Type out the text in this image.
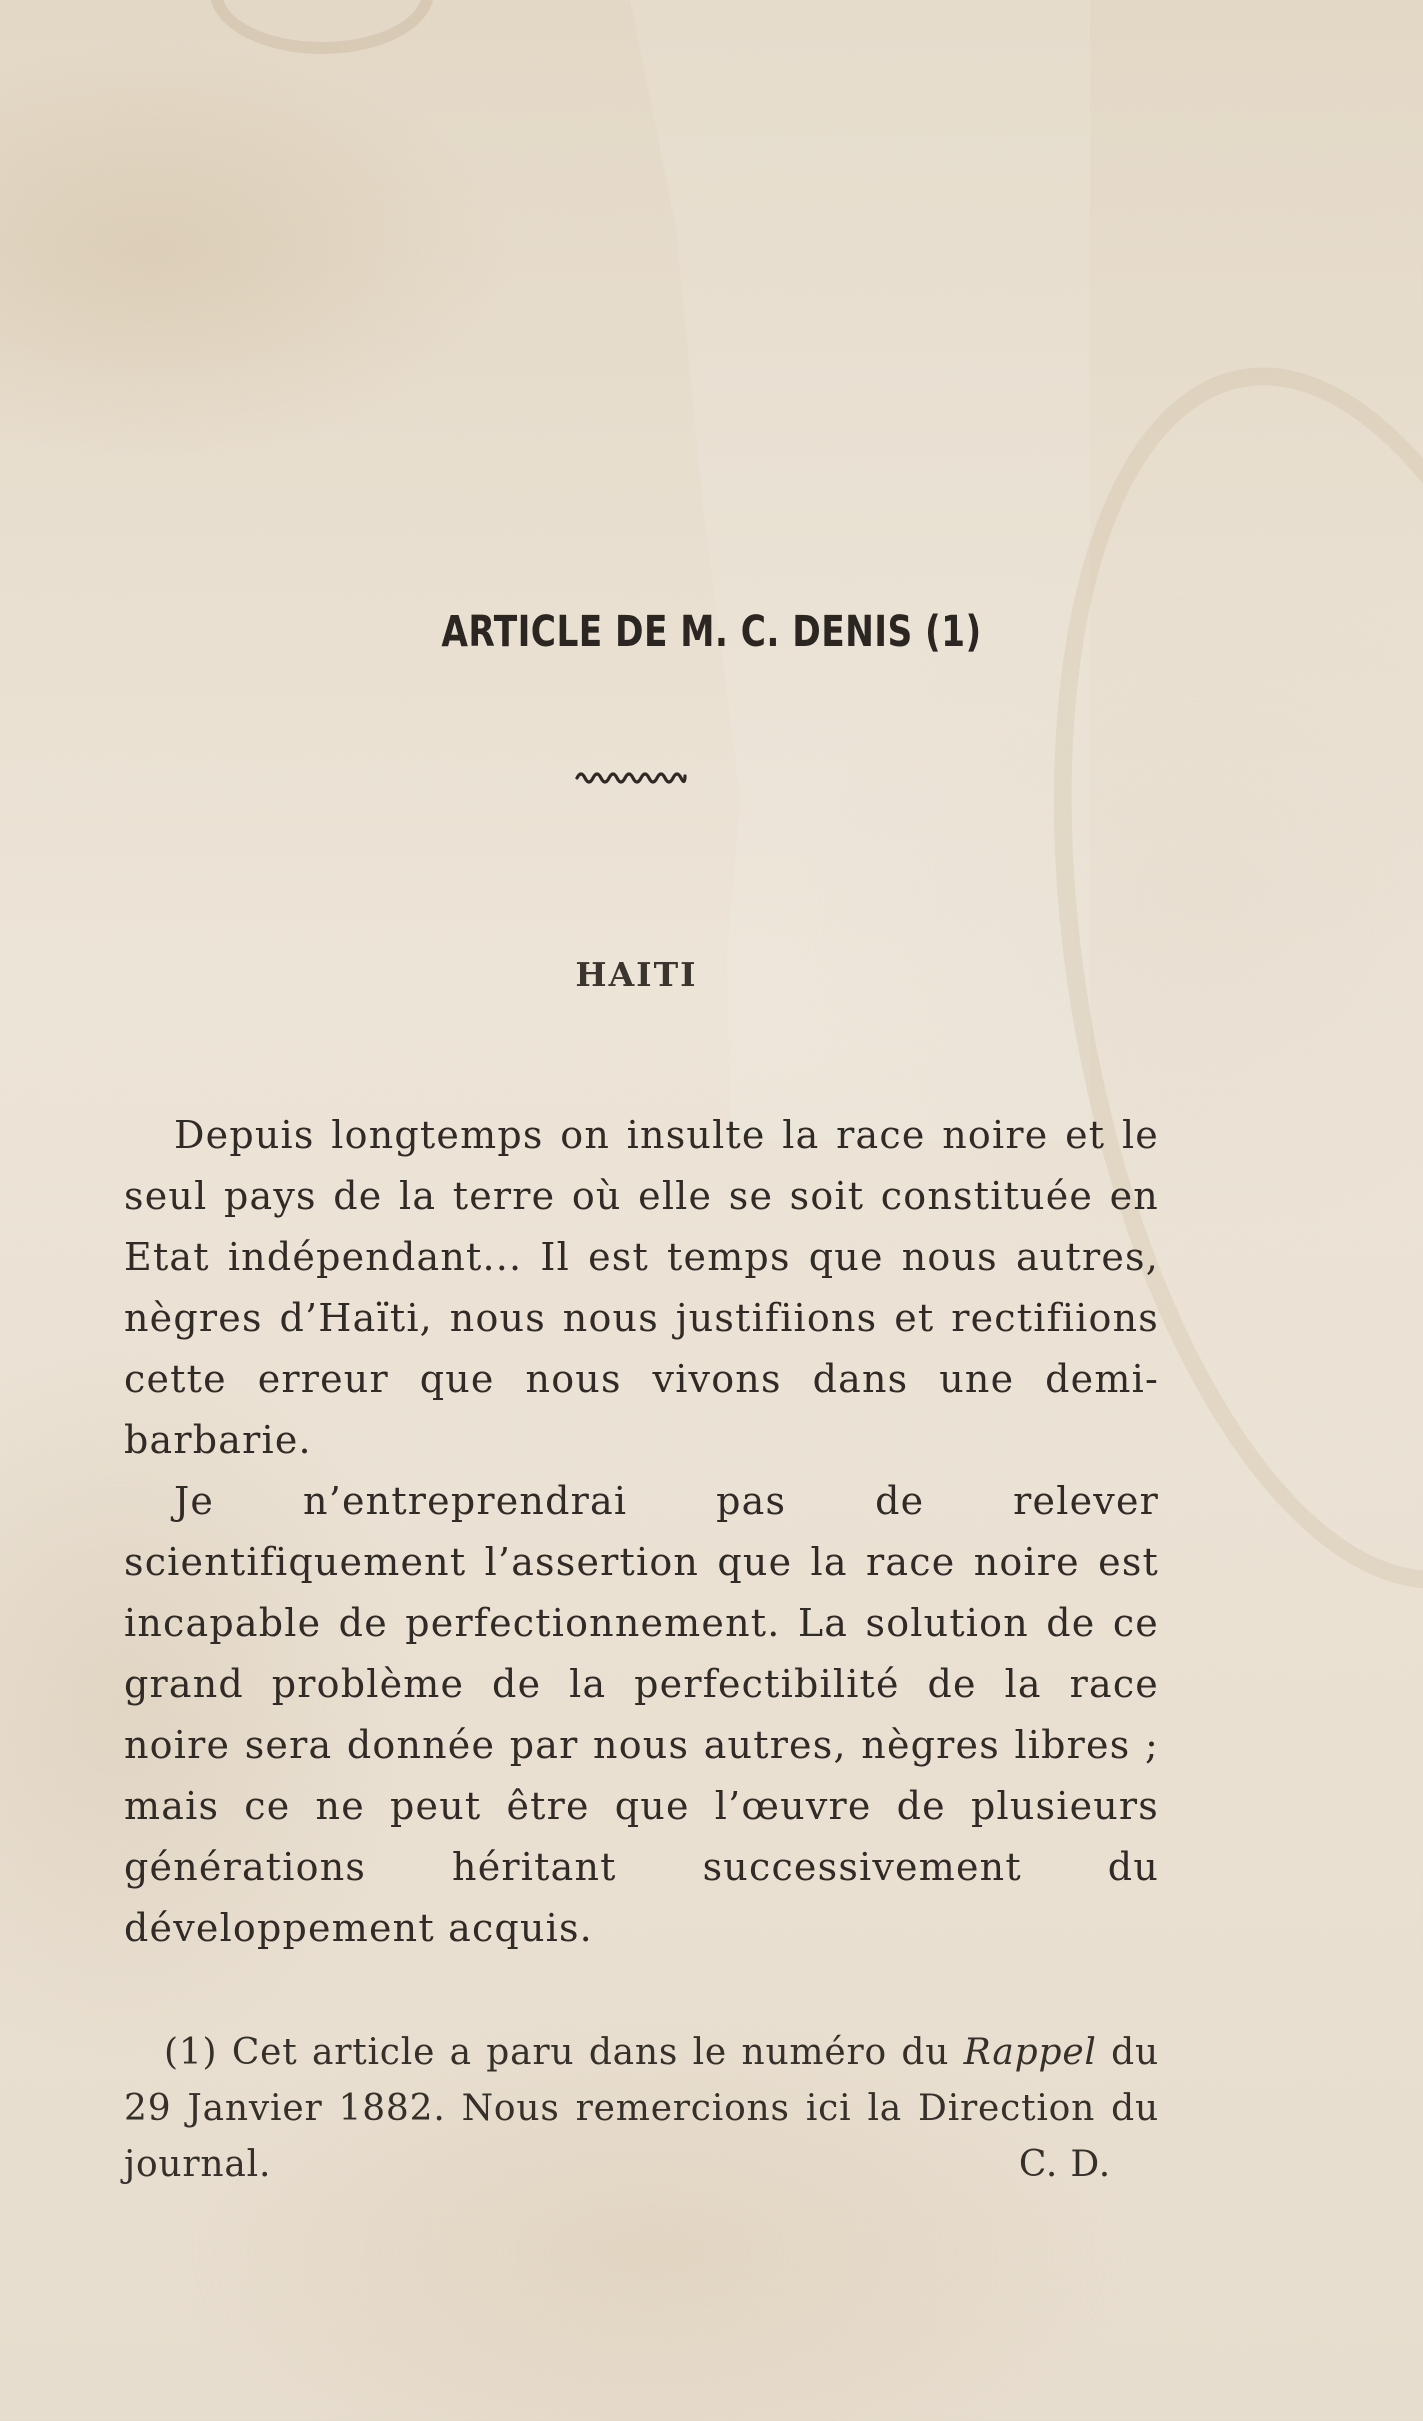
ARTICLE DE M. C. DENIS (1)
HAITI

Depuis longtemps on insulte la race noire et le seul pays de la terre où elle se soit constituée en Etat indépendant... Il est temps que nous autres, nègres d’Haïti, nous nous justifiions et rectifiions cette erreur que nous vivons dans une demi-barbarie.

Je n’entreprendrai pas de relever scientifiquement l’assertion que la race noire est incapable de perfectionnement. La solution de ce grand problème de la perfectibilité de la race noire sera donnée par nous autres, nègres libres ; mais ce ne peut être que l’œuvre de plusieurs générations héritant successivement du développement acquis.

(1) Cet article a paru dans le numéro du Rappel du 29 Janvier 1882. Nous remercions ici la Direction du journal.	C. D.
